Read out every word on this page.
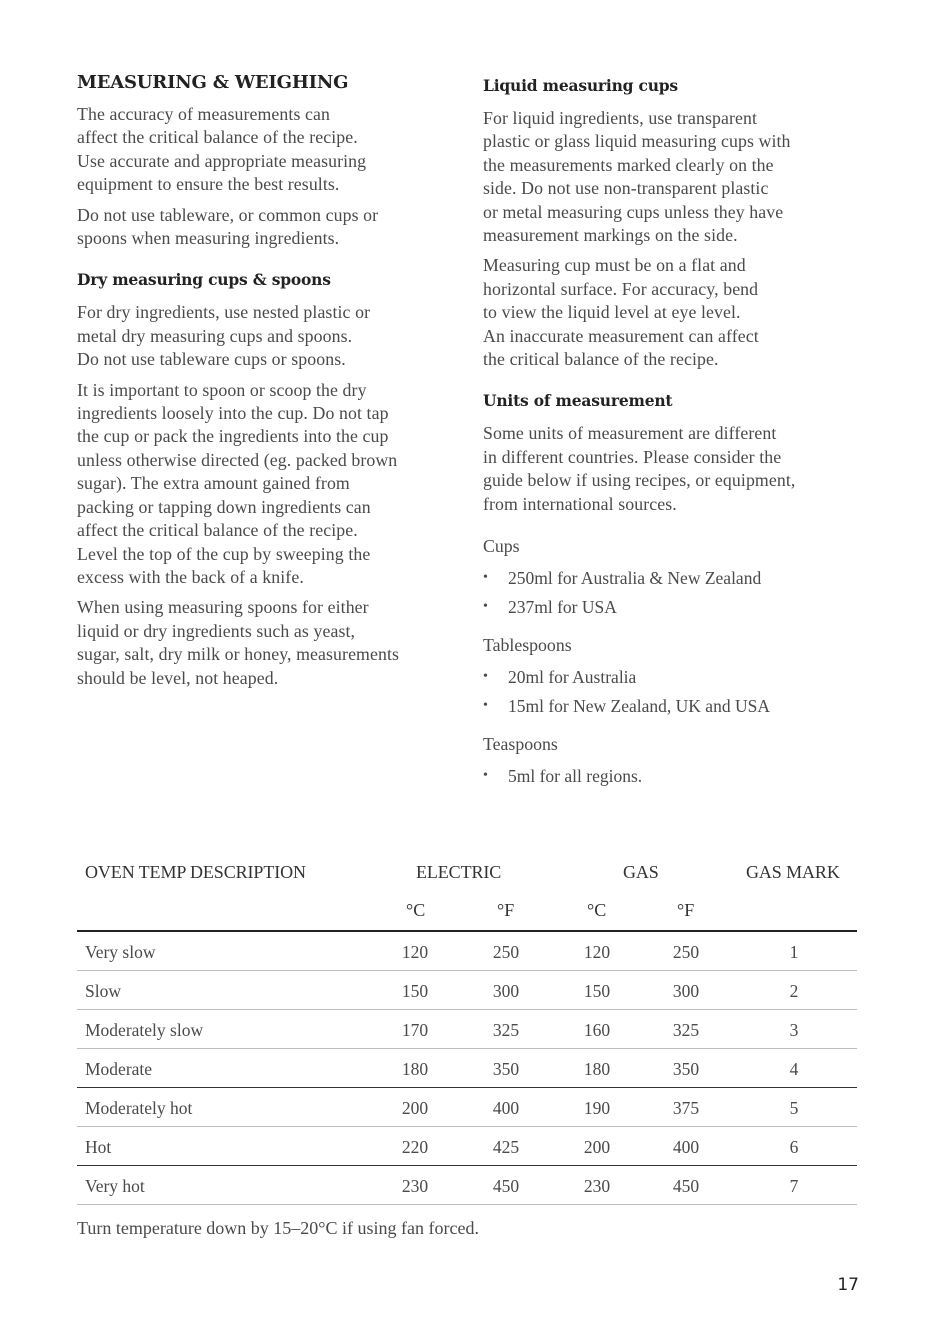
MEASURING & WEIGHING

The accuracy of measurements can
affect the critical balance of the recipe.
Use accurate and appropriate measuring
equipment to ensure the best results.

Do not use tableware, or common cups or
spoons when measuring ingredients.

Dry measuring cups & spoons

For dry ingredients, use nested plastic or
metal dry measuring cups and spoons.
Do not use tableware cups or spoons.

It is important to spoon or scoop the dry
ingredients loosely into the cup. Do not tap
the cup or pack the ingredients into the cup
unless otherwise directed (eg. packed brown
sugar). The extra amount gained from
packing or tapping down ingredients can
affect the critical balance of the recipe.
Level the top of the cup by sweeping the
excess with the back of a knife.

When using measuring spoons for either
liquid or dry ingredients such as yeast,
sugar, salt, dry milk or honey, measurements
should be level, not heaped.

Liquid measuring cups

For liquid ingredients, use transparent
plastic or glass liquid measuring cups with
the measurements marked clearly on the
side. Do not use non-transparent plastic
or metal measuring cups unless they have
measurement markings on the side.

Measuring cup must be on a flat and
horizontal surface. For accuracy, bend
to view the liquid level at eye level.
An inaccurate measurement can affect
the critical balance of the recipe.

Units of measurement

Some units of measurement are different
in different countries. Please consider the
guide below if using recipes, or equipment,
from international sources.

Cups
• 250ml for Australia & New Zealand
• 237ml for USA
Tablespoons
• 20ml for Australia
• 15ml for New Zealand, UK and USA
Teaspoons
• 5ml for all regions.
OVEN TEMP DESCRIPTION	ELECTRIC	GAS	GAS MARK
°C	°F	°C	°F
Very slow	120	250	120	250	1
Slow	150	300	150	300	2
Moderately slow	170	325	160	325	3
Moderate	180	350	180	350	4
Moderately hot	200	400	190	375	5
Hot	220	425	200	400	6
Very hot	230	450	230	450	7
Turn temperature down by 15–20°C if using fan forced.
17
